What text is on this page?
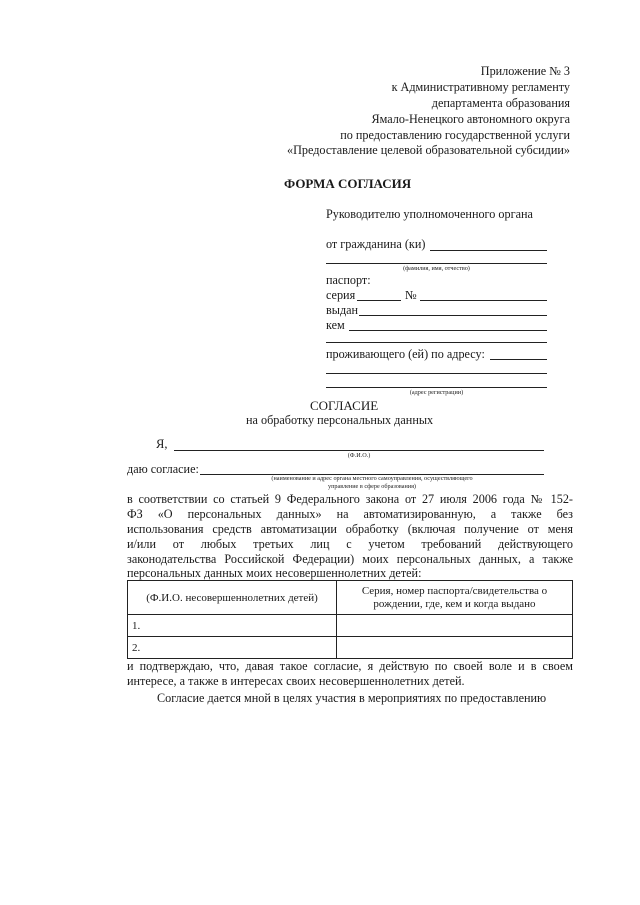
Приложение № 3
к Административному регламенту
департамента образования
Ямало-Ненецкого автономного округа
по предоставлению государственной услуги
«Предоставление целевой образовательной субсидии»
ФОРМА СОГЛАСИЯ
Руководителю уполномоченного органа
от гражданина (ки)
(фамилия, имя, отчество)
паспорт:
серия	№
выдан
кем
проживающего (ей) по адресу:
(адрес регистрации)
СОГЛАСИЕ
на обработку персональных данных
Я,
(Ф.И.О.)
даю согласие:
(наименование и адрес органа местного самоуправления, осуществляющего
управление в сфере образования)
в соответствии со статьей 9 Федерального закона от 27 июля 2006 года № 152-
ФЗ «О персональных данных» на автоматизированную, а также без
использования средств автоматизации обработку (включая получение от меня
и/или от любых третьих лиц с учетом требований действующего
законодательства Российской Федерации) моих персональных данных, а также
персональных данных моих несовершеннолетних детей:
(Ф.И.О. несовершеннолетних детей)	Серия, номер паспорта/свидетельства о
рождении, где, кем и когда выдано

1.	
2.	
и подтверждаю, что, давая такое согласие, я действую по своей воле и в своем
интересе, а также в интересах своих несовершеннолетних детей.
Согласие дается мной в целях участия в мероприятиях по предоставлению
